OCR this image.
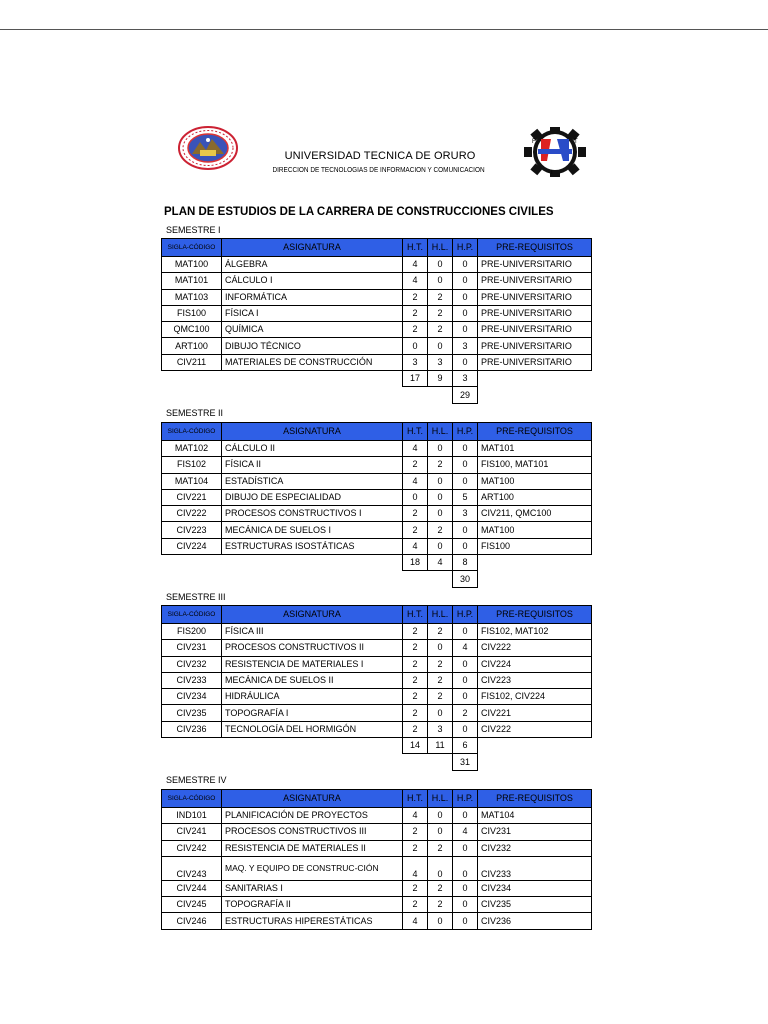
UNIVERSIDAD TECNICA DE ORURO
DIRECCION DE TECNOLOGIAS DE INFORMACION Y COMUNICACION
F	T
I
PLAN DE ESTUDIOS DE LA CARRERA DE CONSTRUCCIONES CIVILES
SEMESTRE I
SIGLA-CÓDIGO	ASIGNATURA	H.T.	H.L.	H.P.	PRE-REQUISITOS
MAT100	ÁLGEBRA	4	0	0	PRE-UNIVERSITARIO
MAT101	CÁLCULO I	4	0	0	PRE-UNIVERSITARIO
MAT103	INFORMÁTICA	2	2	0	PRE-UNIVERSITARIO
FIS100	FÍSICA I	2	2	0	PRE-UNIVERSITARIO
QMC100	QUÍMICA	2	2	0	PRE-UNIVERSITARIO
ART100	DIBUJO TÉCNICO	0	0	3	PRE-UNIVERSITARIO
CIV211	MATERIALES DE CONSTRUCCIÓN	3	3	0	PRE-UNIVERSITARIO
		17	9	3	
				29	
SEMESTRE II
SIGLA-CÓDIGO	ASIGNATURA	H.T.	H.L.	H.P.	PRE-REQUISITOS
MAT102	CÁLCULO II	4	0	0	MAT101
FIS102	FÍSICA II	2	2	0	FIS100, MAT101
MAT104	ESTADÍSTICA	4	0	0	MAT100
CIV221	DIBUJO DE ESPECIALIDAD	0	0	5	ART100
CIV222	PROCESOS CONSTRUCTIVOS I	2	0	3	CIV211, QMC100
CIV223	MECÁNICA DE SUELOS I	2	2	0	MAT100
CIV224	ESTRUCTURAS ISOSTÁTICAS	4	0	0	FIS100
		18	4	8	
				30	
SEMESTRE III
SIGLA-CÓDIGO	ASIGNATURA	H.T.	H.L.	H.P.	PRE-REQUISITOS
FIS200	FÍSICA III	2	2	0	FIS102, MAT102
CIV231	PROCESOS CONSTRUCTIVOS II	2	0	4	CIV222
CIV232	RESISTENCIA DE MATERIALES I	2	2	0	CIV224
CIV233	MECÁNICA DE SUELOS II	2	2	0	CIV223
CIV234	HIDRÁULICA	2	2	0	FIS102, CIV224
CIV235	TOPOGRAFÍA I	2	0	2	CIV221
CIV236	TECNOLOGÍA DEL HORMIGÓN	2	3	0	CIV222
		14	11	6	
				31	
SEMESTRE IV
SIGLA-CÓDIGO	ASIGNATURA	H.T.	H.L.	H.P.	PRE-REQUISITOS
IND101	PLANIFICACIÓN DE PROYECTOS	4	0	0	MAT104
CIV241	PROCESOS CONSTRUCTIVOS III	2	0	4	CIV231
CIV242	RESISTENCIA DE MATERIALES II	2	2	0	CIV232
CIV243	MAQ. Y EQUIPO DE CONSTRUC-CIÓN	4	0	0	CIV233
CIV244	SANITARIAS I	2	2	0	CIV234
CIV245	TOPOGRAFÍA II	2	2	0	CIV235
CIV246	ESTRUCTURAS HIPERESTÁTICAS	4	0	0	CIV236
